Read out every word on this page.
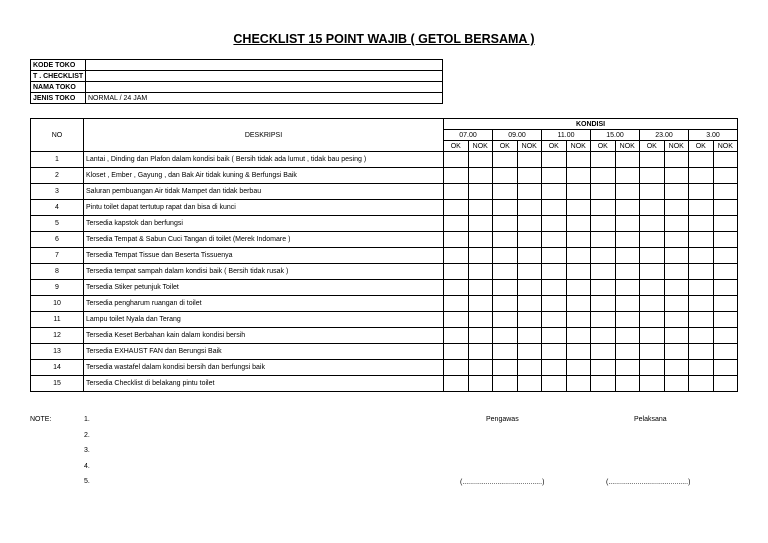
CHECKLIST 15 POINT WAJIB ( GETOL BERSAMA )
KODE TOKO	
T . CHECKLIST	
NAMA TOKO	
JENIS TOKO	NORMAL / 24 JAM
NO	DESKRIPSI	KONDISI											
		07.00		09.00		11.00		15.00		23.00		3.00	
		OK	NOK	OK	NOK	OK	NOK	OK	NOK	OK	NOK	OK	NOK
1	Lantai , Dinding dan Plafon dalam kondisi baik ( Bersih tidak ada lumut , tidak bau pesing )												
2	Kloset , Ember , Gayung , dan Bak Air tidak kuning & Berfungsi Baik												
3	Saluran pembuangan Air tidak Mampet dan tidak berbau												
4	Pintu toilet dapat tertutup rapat dan bisa di kunci												
5	Tersedia kapstok dan berfungsi												
6	Tersedia Tempat & Sabun Cuci Tangan di toilet (Merek Indomare )												
7	Tersedia Tempat Tissue dan Beserta Tissuenya												
8	Tersedia tempat sampah dalam kondisi baik ( Bersih tidak rusak )												
9	Tersedia Stiker petunjuk Toilet												
10	Tersedia pengharum ruangan di toilet												
11	Lampu toilet Nyala dan Terang												
12	Tersedia Keset Berbahan kain dalam kondisi bersih												
13	Tersedia EXHAUST FAN dan Berungsi Baik												
14	Tersedia wastafel dalam kondisi bersih dan berfungsi baik												
15	Tersedia Checklist di belakang pintu toilet												
NOTE:	1.
2.
3.
4.
5.
Pengawas	Pelaksana
(.........................................)	(.........................................)
